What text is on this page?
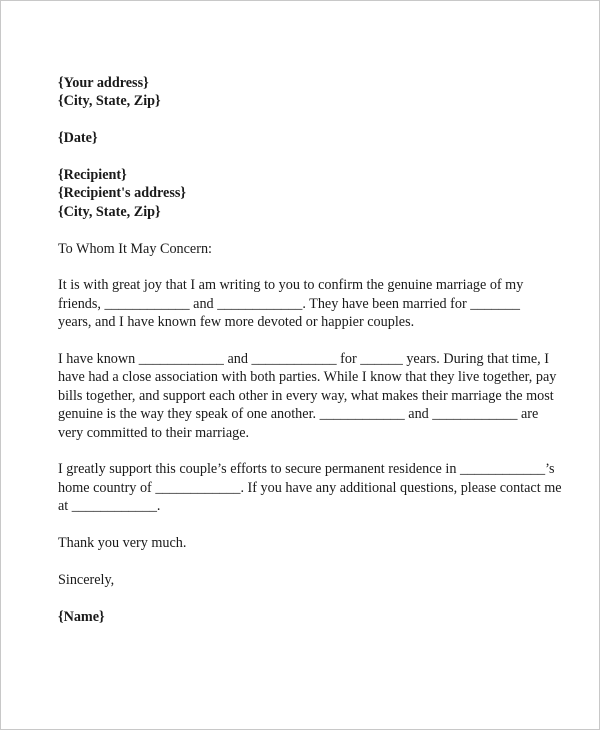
{Your address}
{City, State, Zip}
{Date}
{Recipient}
{Recipient's address}
{City, State, Zip}
To Whom It May Concern:
It is with great joy that I am writing to you to confirm the genuine marriage of my
friends, ____________ and ____________. They have been married for _______
years, and I have known few more devoted or happier couples.
I have known ____________ and ____________ for ______ years. During that time, I
have had a close association with both parties. While I know that they live together, pay
bills together, and support each other in every way, what makes their marriage the most
genuine is the way they speak of one another. ____________ and ____________ are
very committed to their marriage.
I greatly support this couple’s efforts to secure permanent residence in ____________’s
home country of ____________. If you have any additional questions, please contact me
at ____________.
Thank you very much.
Sincerely,
{Name}
